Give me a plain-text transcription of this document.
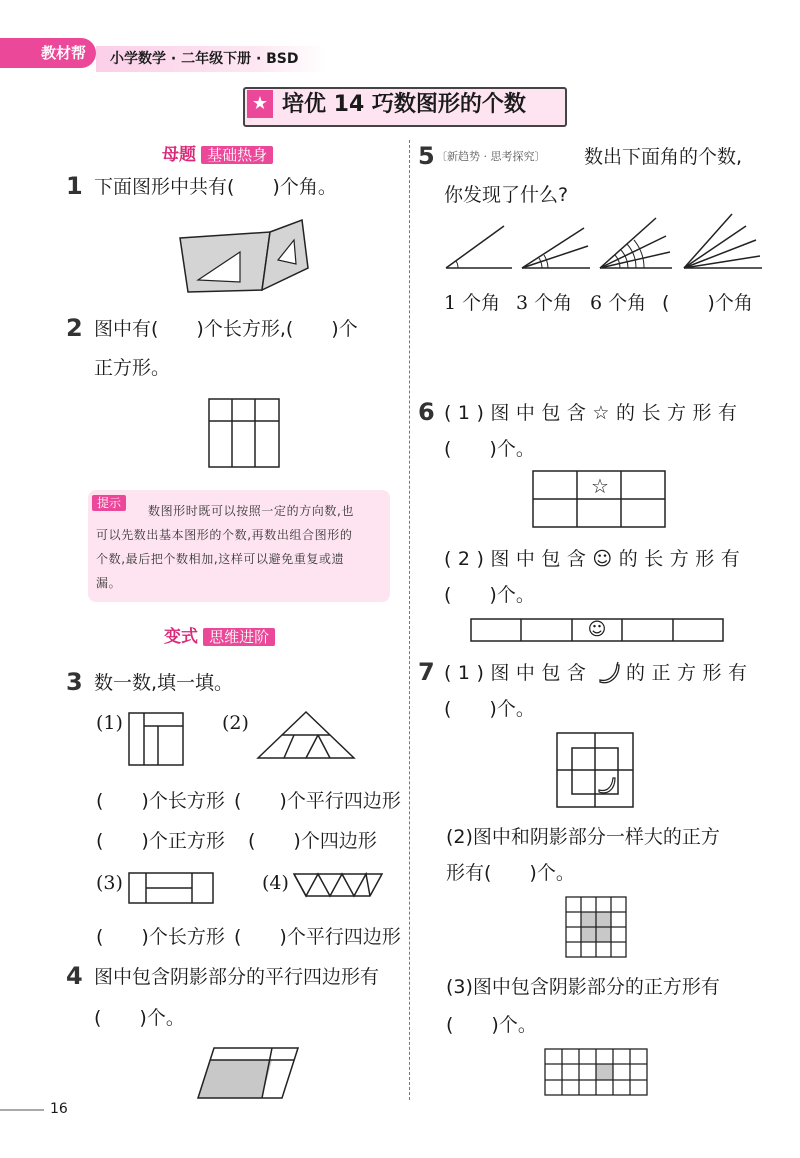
教材帮	小学数学 · 二年级下册 · BSD
★ 培优 14 巧数图形的个数
母题 基础热身
1 下面图形中共有(　　)个角。
2 图中有(　　)个长方形,(　　)个
正方形。
提示
数图形时既可以按照一定的方向数,也
可以先数出基本图形的个数,再数出组合图形的
个数,最后把个数相加,这样可以避免重复或遗
漏。
变式 思维进阶
3 数一数,填一填。
(1)	(2)
(　　)个长方形 (　　)个平行四边形
(　　)个正方形 (　　)个四边形
(3)	(4)
(　　)个长方形 (　　)个平行四边形
4 图中包含阴影部分的平行四边形有
(　　)个。
5 〔新趋势 · 思考探究〕 数出下面角的个数,
你发现了什么?
1 个角 3 个角 6 个角 (　　)个角
6 (1)图中包含☆的长方形有
(　　)个。
☆
(2)图中包含☺的长方形有
(　　)个。
☺
7 (1)图中包含 的正方形有
(　　)个。
(2)图中和阴影部分一样大的正方
形有(　　)个。
(3)图中包含阴影部分的正方形有
(　　)个。
16
